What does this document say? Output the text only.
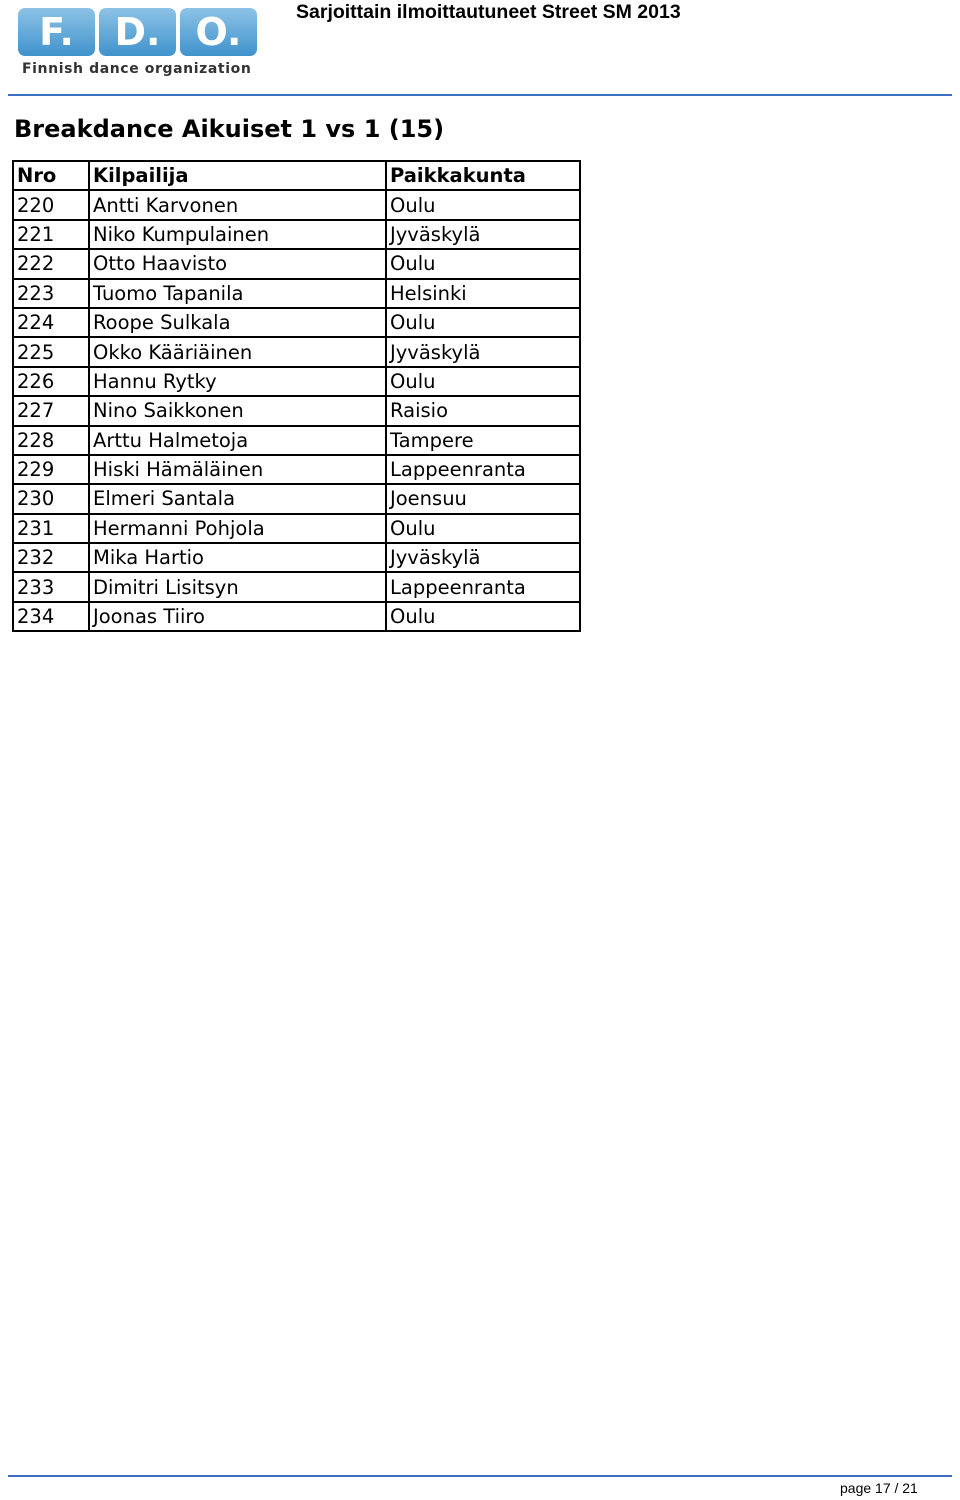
F. D. O.
Finnish dance organization
Sarjoittain ilmoittautuneet Street SM 2013
Breakdance Aikuiset 1 vs 1 (15)
Nro	Kilpailija	Paikkakunta
220	Antti Karvonen	Oulu
221	Niko Kumpulainen	Jyväskylä
222	Otto Haavisto	Oulu
223	Tuomo Tapanila	Helsinki
224	Roope Sulkala	Oulu
225	Okko Kääriäinen	Jyväskylä
226	Hannu Rytky	Oulu
227	Nino Saikkonen	Raisio
228	Arttu Halmetoja	Tampere
229	Hiski Hämäläinen	Lappeenranta
230	Elmeri Santala	Joensuu
231	Hermanni Pohjola	Oulu
232	Mika Hartio	Jyväskylä
233	Dimitri Lisitsyn	Lappeenranta
234	Joonas Tiiro	Oulu
page 17 / 21
